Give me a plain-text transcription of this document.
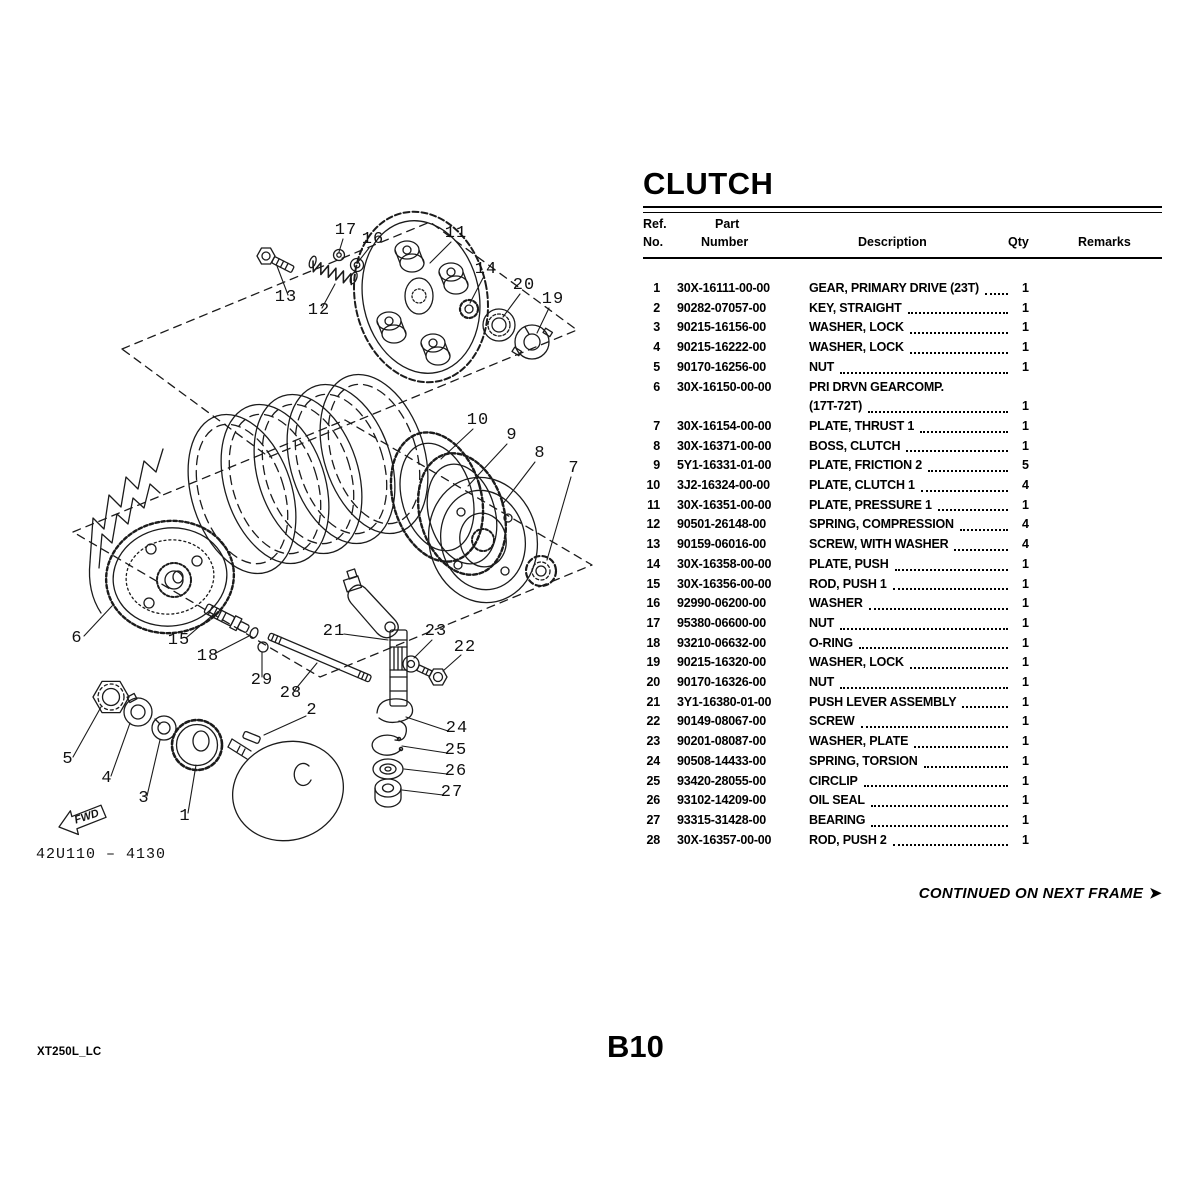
FWD
42U110 – 4130
17 16	11
13
12
14
20
19
10
9
8
7
6	15
18
29
28
21	23
22
5
4
3
1
2
24
25
26
27
CLUTCH
Ref.	Part
No.	Number	Description	Qty	Remarks
1 30X-16111-00-00	GEAR, PRIMARY DRIVE (23T)	1
2 90282-07057-00	KEY, STRAIGHT	1
3 90215-16156-00	WASHER, LOCK	1
4 90215-16222-00	WASHER, LOCK	1
5 90170-16256-00	NUT	1
6 30X-16150-00-00	PRI DRVN GEARCOMP.
(17T-72T)	1
7 30X-16154-00-00	PLATE, THRUST 1	1
8 30X-16371-00-00	BOSS, CLUTCH	1
9 5Y1-16331-01-00	PLATE, FRICTION 2	5
10 3J2-16324-00-00	PLATE, CLUTCH 1	4
11 30X-16351-00-00	PLATE, PRESSURE 1	1
12 90501-26148-00	SPRING, COMPRESSION	4
13 90159-06016-00	SCREW, WITH WASHER	4
14 30X-16358-00-00	PLATE, PUSH	1
15 30X-16356-00-00	ROD, PUSH 1	1
16 92990-06200-00	WASHER	1
17 95380-06600-00	NUT	1
18 93210-06632-00	O-RING	1
19 90215-16320-00	WASHER, LOCK	1
20 90170-16326-00	NUT	1
21 3Y1-16380-01-00	PUSH LEVER ASSEMBLY	1
22 90149-08067-00	SCREW	1
23 90201-08087-00	WASHER, PLATE	1
24 90508-14433-00	SPRING, TORSION	1
25 93420-28055-00	CIRCLIP	1
26 93102-14209-00	OIL SEAL	1
27 93315-31428-00	BEARING	1
28 30X-16357-00-00	ROD, PUSH 2	1
CONTINUED ON NEXT FRAME ➤
B10
XT250L_LC
